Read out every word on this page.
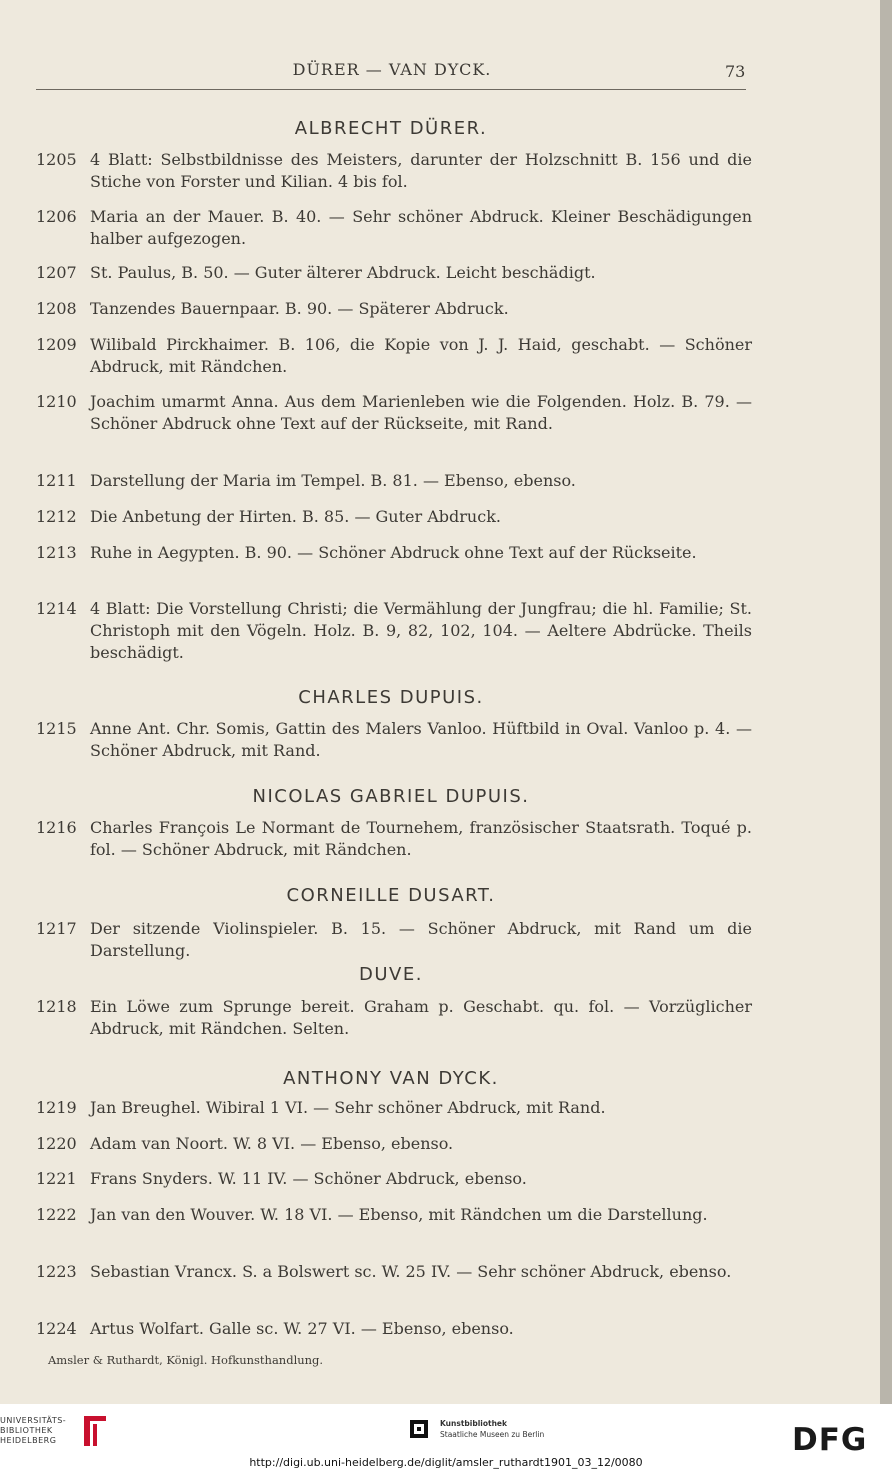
DÜRER — VAN DYCK.	73
ALBRECHT DÜRER.
1205 4 Blatt: Selbstbildnisse des Meisters, darunter der Holzschnitt B. 156 und die Stiche von Forster und Kilian. 4 bis fol.
1206 Maria an der Mauer. B. 40. — Sehr schöner Abdruck. Kleiner Beschädigungen halber aufgezogen.
1207 St. Paulus, B. 50. — Guter älterer Abdruck. Leicht beschädigt.
1208 Tanzendes Bauernpaar. B. 90. — Späterer Abdruck.
1209 Wilibald Pirckhaimer. B. 106, die Kopie von J. J. Haid, geschabt. — Schöner Abdruck, mit Rändchen.
1210 Joachim umarmt Anna. Aus dem Marienleben wie die Folgenden. Holz. B. 79. — Schöner Abdruck ohne Text auf der Rückseite, mit Rand.
1211 Darstellung der Maria im Tempel. B. 81. — Ebenso, ebenso.
1212 Die Anbetung der Hirten. B. 85. — Guter Abdruck.
1213 Ruhe in Aegypten. B. 90. — Schöner Abdruck ohne Text auf der Rückseite.
1214 4 Blatt: Die Vorstellung Christi; die Vermählung der Jungfrau; die hl. Familie; St. Christoph mit den Vögeln. Holz. B. 9, 82, 102, 104. — Aeltere Abdrücke. Theils beschädigt.
CHARLES DUPUIS.
1215 Anne Ant. Chr. Somis, Gattin des Malers Vanloo. Hüftbild in Oval. Vanloo p. 4. — Schöner Abdruck, mit Rand.
NICOLAS GABRIEL DUPUIS.
1216 Charles François Le Normant de Tournehem, französischer Staatsrath. Toqué p. fol. — Schöner Abdruck, mit Rändchen.
CORNEILLE DUSART.
1217 Der sitzende Violinspieler. B. 15. — Schöner Abdruck, mit Rand um die Darstellung.
DUVE.
1218 Ein Löwe zum Sprunge bereit. Graham p. Geschabt. qu. fol. — Vorzüglicher Abdruck, mit Rändchen. Selten.
ANTHONY VAN DYCK.
1219 Jan Breughel. Wibiral 1 VI. — Sehr schöner Abdruck, mit Rand.
1220 Adam van Noort. W. 8 VI. — Ebenso, ebenso.
1221 Frans Snyders. W. 11 IV. — Schöner Abdruck, ebenso.
1222 Jan van den Wouver. W. 18 VI. — Ebenso, mit Rändchen um die Darstellung.
1223 Sebastian Vrancx. S. a Bolswert sc. W. 25 IV. — Sehr schöner Abdruck, ebenso.
1224 Artus Wolfart. Galle sc. W. 27 VI. — Ebenso, ebenso.
Amsler & Ruthardt, Königl. Hofkunsthandlung.
UNIVERSITÄTS-
BIBLIOTHEK
HEIDELBERG
Kunstbibliothek
Staatliche Museen zu Berlin	DFG
http://digi.ub.uni-heidelberg.de/diglit/amsler_ruthardt1901_03_12/0080
